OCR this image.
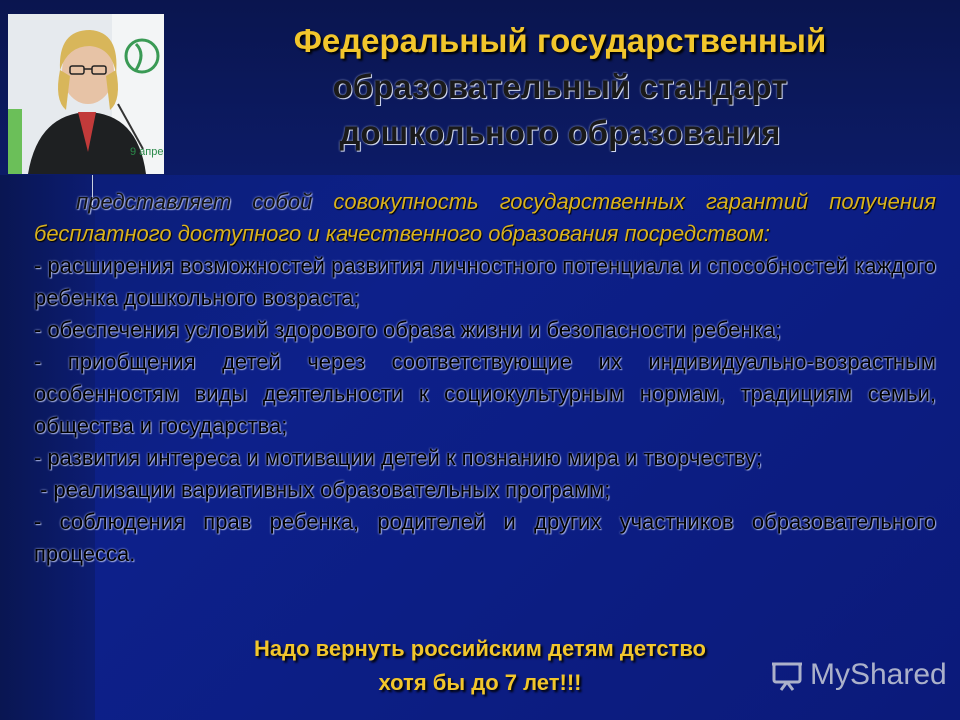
9 апре
Федеральный государственный
образовательный стандарт
дошкольного образования

представляет собой совокупность государственных гарантий получения бесплатного доступного и качественного образования посредством:

- расширения возможностей развития личностного потенциала и способностей каждого ребенка дошкольного возраста;

- обеспечения условий здорового образа жизни и безопасности ребенка;

- приобщения детей через соответствующие их индивидуально-возрастным особенностям виды деятельности к социокультурным нормам, традициям семьи, общества и государства;

- развития интереса и мотивации детей к познанию мира и творчеству;

- реализации вариативных образовательных программ;

- соблюдения прав ребенка, родителей и других участников образовательного процесса.

Надо вернуть российским детям детство
хотя бы до 7 лет!!!	MyShared
